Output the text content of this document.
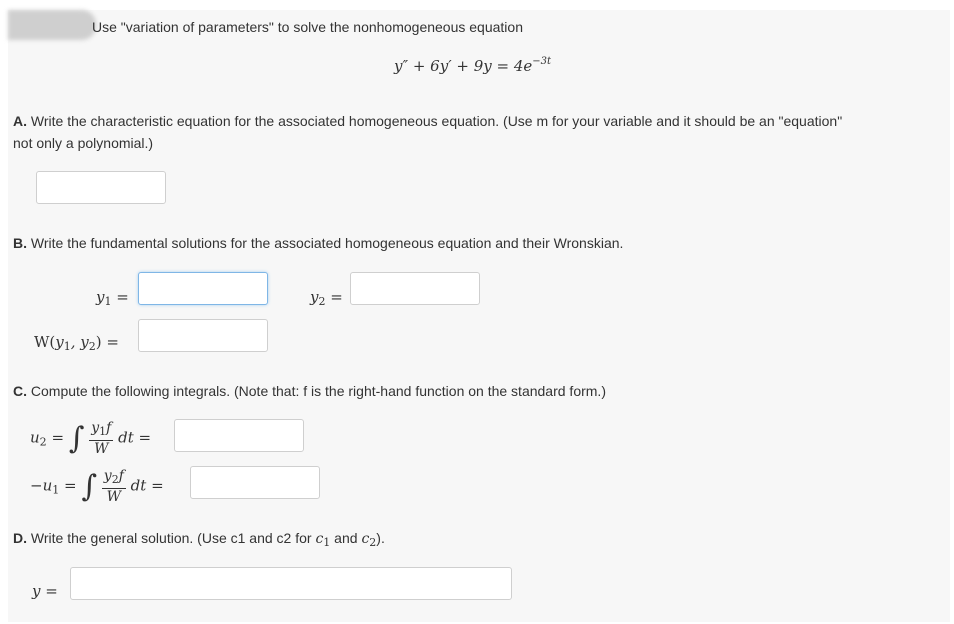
Use "variation of parameters" to solve the nonhomogeneous equation
$y'' + 6y' + 9y = 4e^{-3t}$
A. Write the characteristic equation for the associated homogeneous equation. (Use m for your variable and it should be an "equation"
not only a polynomial.)
B. Write the fundamental solutions for the associated homogeneous equation and their Wronskian.
$y_1$ =	$y_2$ =
$W(y_1$, $y_2$) =
C. Compute the following integrals. (Note that: f is the right-hand function on the standard form.)
$u_2$ = ∫ $\frac{y_1f}{W}$ dt =
$-u_1$ = ∫ $\frac{y_2f}{W}$ dt =
D. Write the general solution. (Use c1 and c2 for $c_1$ and $c_2$).
y =
